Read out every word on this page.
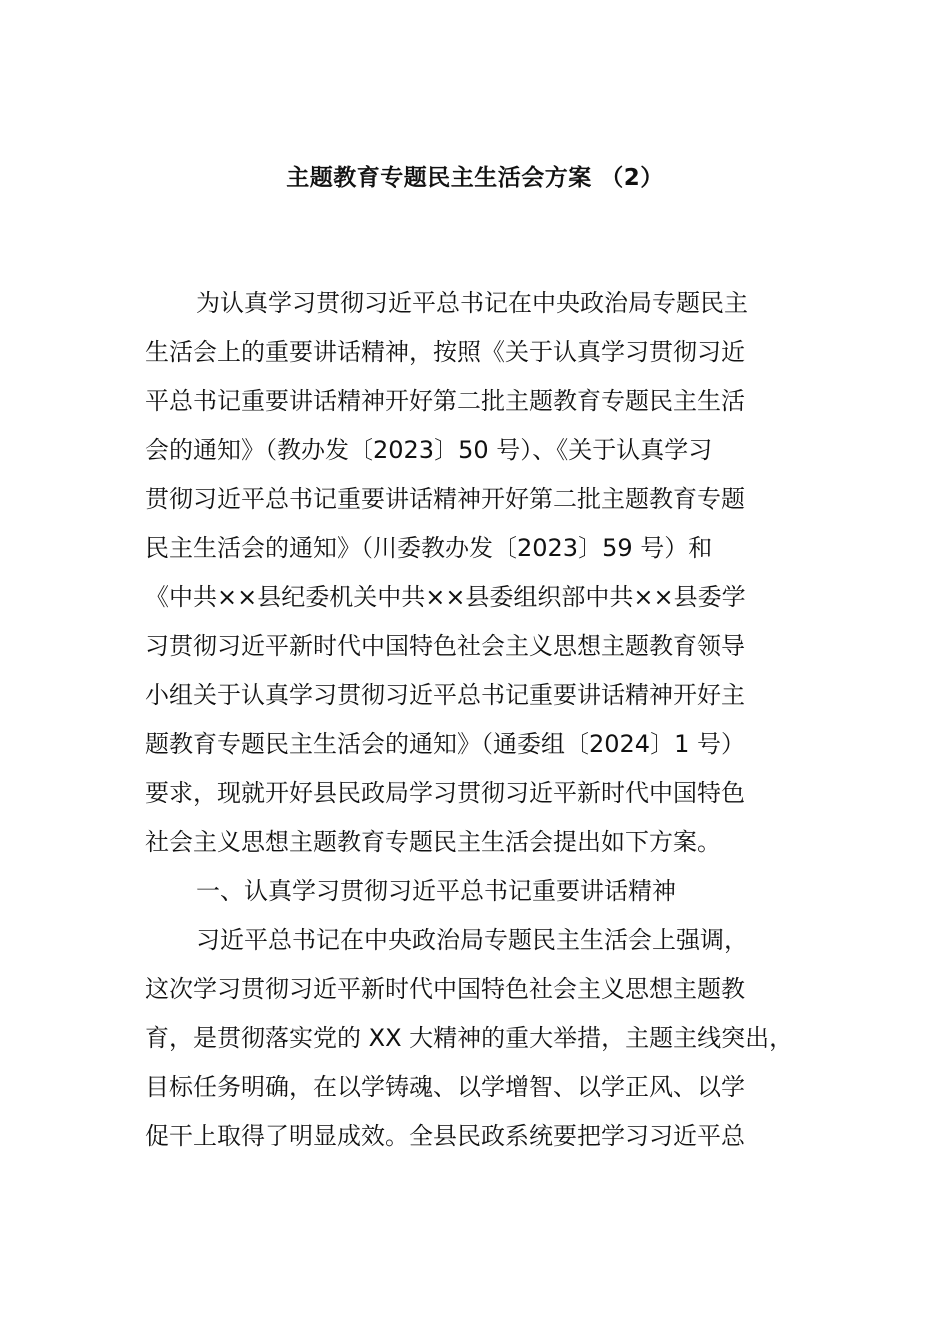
主题教育专题民主生活会方案 （2）
为认真学习贯彻习近平总书记在中央政治局专题民主
生活会上的重要讲话精神，按照《关于认真学习贯彻习近
平总书记重要讲话精神开好第二批主题教育专题民主生活
会的通知》（教办发〔2023〕50 号）、《关于认真学习
贯彻习近平总书记重要讲话精神开好第二批主题教育专题
民主生活会的通知》（川委教办发〔2023〕59 号）和
《中共××县纪委机关中共××县委组织部中共××县委学
习贯彻习近平新时代中国特色社会主义思想主题教育领导
小组关于认真学习贯彻习近平总书记重要讲话精神开好主
题教育专题民主生活会的通知》（通委组〔2024〕1 号）
要求，现就开好县民政局学习贯彻习近平新时代中国特色
社会主义思想主题教育专题民主生活会提出如下方案。
一、认真学习贯彻习近平总书记重要讲话精神
习近平总书记在中央政治局专题民主生活会上强调，
这次学习贯彻习近平新时代中国特色社会主义思想主题教
育，是贯彻落实党的 XX 大精神的重大举措，主题主线突出，
目标任务明确，在以学铸魂、以学增智、以学正风、以学
促干上取得了明显成效。全县民政系统要把学习习近平总
